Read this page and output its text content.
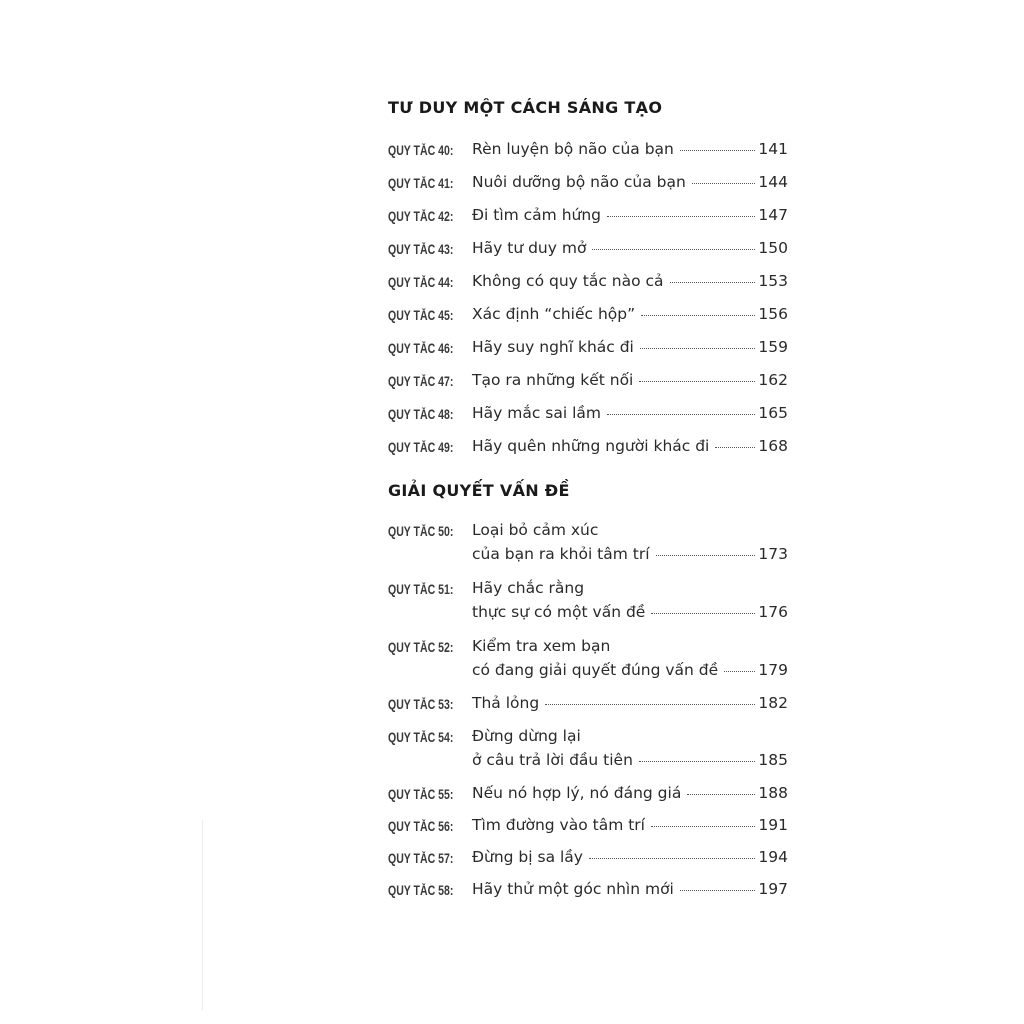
TƯ DUY MỘT CÁCH SÁNG TẠO
QUY TẮC 40: Rèn luyện bộ não của bạn	141
QUY TẮC 41: Nuôi dưỡng bộ não của bạn	144
QUY TẮC 42: Đi tìm cảm hứng	147
QUY TẮC 43: Hãy tư duy mở	150
QUY TẮC 44: Không có quy tắc nào cả	153
QUY TẮC 45: Xác định “chiếc hộp”	156
QUY TẮC 46: Hãy suy nghĩ khác đi	159
QUY TẮC 47: Tạo ra những kết nối	162
QUY TẮC 48: Hãy mắc sai lầm	165
QUY TẮC 49: Hãy quên những người khác đi	168
GIẢI QUYẾT VẤN ĐỀ
QUY TẮC 50: Loại bỏ cảm xúc
của bạn ra khỏi tâm trí	173
QUY TẮC 51: Hãy chắc rằng
thực sự có một vấn đề	176
QUY TẮC 52: Kiểm tra xem bạn
có đang giải quyết đúng vấn đề	179
QUY TẮC 53: Thả lỏng	182
QUY TẮC 54: Đừng dừng lại
ở câu trả lời đầu tiên	185
QUY TẮC 55: Nếu nó hợp lý, nó đáng giá	188
QUY TẮC 56: Tìm đường vào tâm trí	191
QUY TẮC 57: Đừng bị sa lầy	194
QUY TẮC 58: Hãy thử một góc nhìn mới	197
